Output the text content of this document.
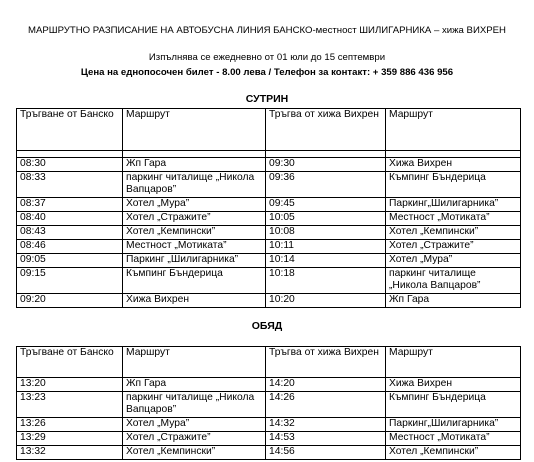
МАРШРУТНО РАЗПИСАНИЕ НА АВТОБУСНА ЛИНИЯ БАНСКО-местност ШИЛИГАРНИКА – хижа ВИХРЕН
Изпълнява се ежедневно от 01 юли до 15 септември
Цена на еднопосочен билет - 8.00 лева / Телефон за контакт: + 359 886 436 956
СУТРИН
Тръгване от Банско	Маршрут	Тръгва от хижа Вихрен	Маршрут

08:30	Жп Гара	09:30	Хижа Вихрен
08:33	паркинг читалище „Никола Вапцаров”	09:36	Къмпинг Бъндерица
08:37	Хотел „Мура”	09:45	Паркинг„Шилигарника”
08:40	Хотел „Стражите”	10:05	Местност „Мотиката”
08:43	Хотел „Кемпински”	10:08	Хотел „Кемпински”
08:46	Местност „Мотиката”	10:11	Хотел „Стражите”
09:05	Паркинг „Шилигарника”	10:14	Хотел „Мура”
09:15	Къмпинг Бъндерица	10:18	паркинг читалище „Никола Вапцаров”
09:20	Хижа Вихрен	10:20	Жп Гара
ОБЯД
Тръгване от Банско	Маршрут	Тръгва от хижа Вихрен	Маршрут
13:20	Жп Гара	14:20	Хижа Вихрен
13:23	паркинг читалище „Никола Вапцаров”	14:26	Къмпинг Бъндерица
13:26	Хотел „Мура”	14:32	Паркинг„Шилигарника”
13:29	Хотел „Стражите”	14:53	Местност „Мотиката”
13:32	Хотел „Кемпински”	14:56	Хотел „Кемпински”
